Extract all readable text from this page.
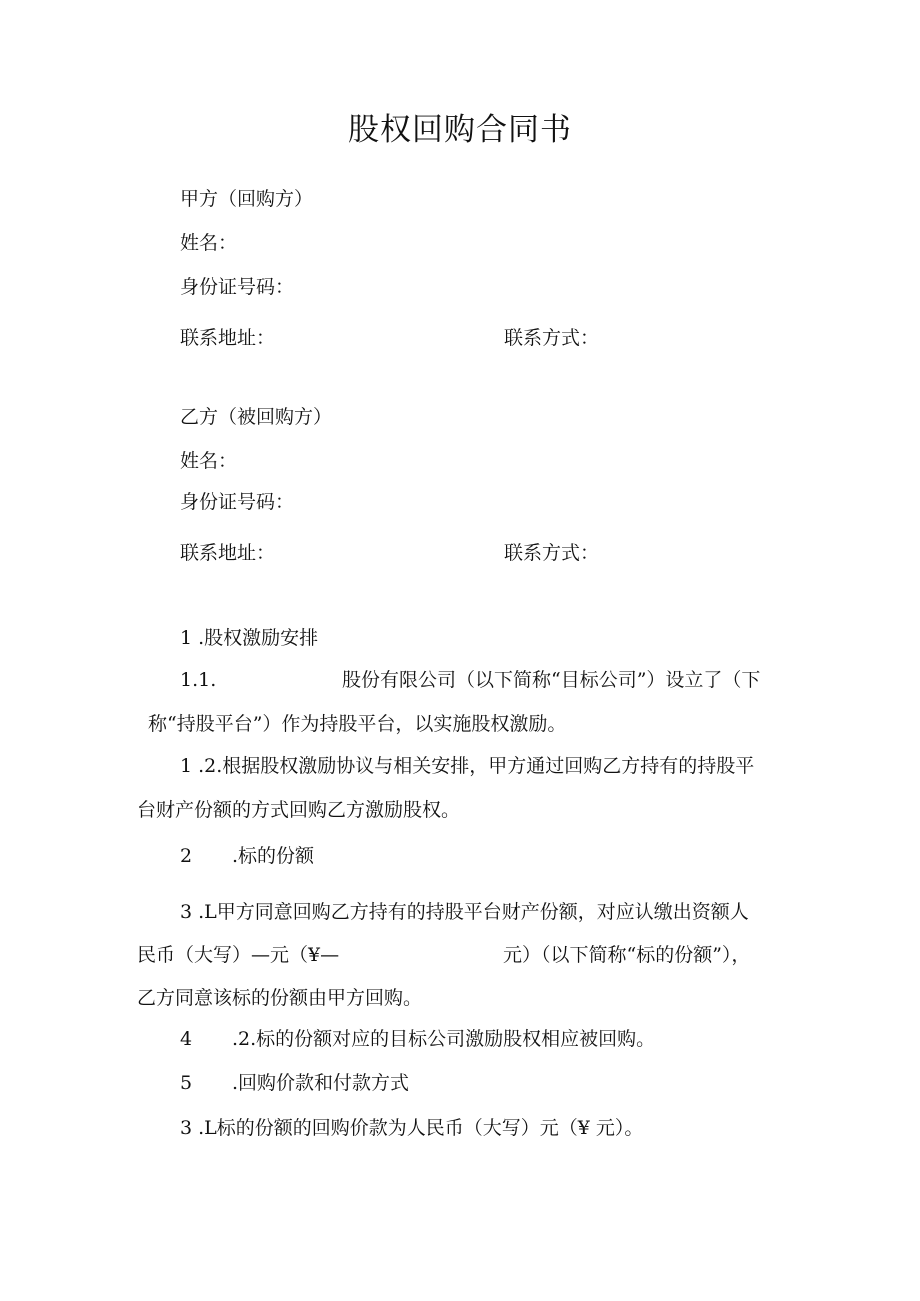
股权回购合同书
甲方（回购方）
姓名：
身份证号码：
联系地址：	联系方式：
乙方（被回购方）
姓名：
身份证号码：
联系地址：	联系方式：
1 .股权激励安排
1.1.	股份有限公司（以下简称“目标公司”）设立了（下
称“持股平台”）作为持股平台，以实施股权激励。
1 .2.根据股权激励协议与相关安排，甲方通过回购乙方持有的持股平
台财产份额的方式回购乙方激励股权。
2 .标的份额
3 .L甲方同意回购乙方持有的持股平台财产份额，对应认缴出资额人
民币（大写）—元（¥—	元）（以下简称“标的份额”），
乙方同意该标的份额由甲方回购。
4 .2.标的份额对应的目标公司激励股权相应被回购。
5 .回购价款和付款方式
3 .L标的份额的回购价款为人民币（大写）元（¥ 元）。
